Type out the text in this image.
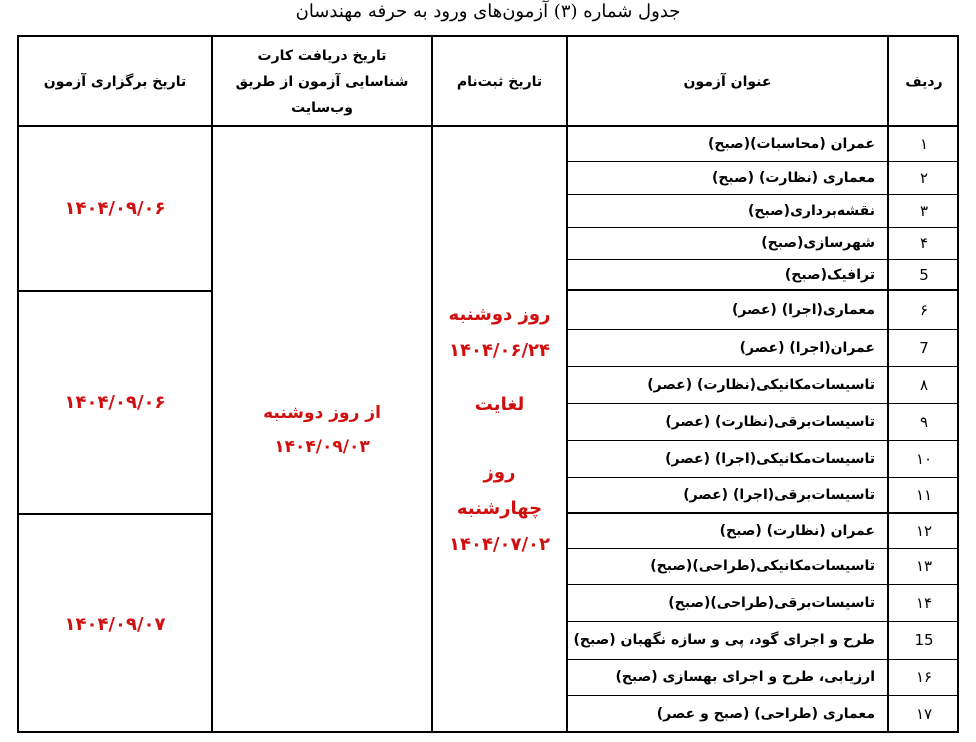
جدول شماره (۳) آزمون‌های ورود به حرفه مهندسان
ردیف
عنوان آزمون
تاریخ ثبت‌نام
تاریخ دریافت کارت شناسایی آزمون از طریق وب‌سایت
تاریخ برگزاری آزمون
۱
عمران (محاسبات)(صبح)
۲
معماری (نظارت) (صبح)
۳
نقشه‌برداری(صبح)
۴
شهرسازی(صبح)
5
ترافیک(صبح)
۶
معماری(اجرا) (عصر)
7
عمران(اجرا) (عصر)
۸
تاسیسات‌مکانیکی(نظارت) (عصر)
۹
تاسیسات‌برقی(نظارت) (عصر)
۱۰
تاسیسات‌مکانیکی(اجرا) (عصر)
۱۱
تاسیسات‌برقی(اجرا) (عصر)
۱۲
عمران (نظارت) (صبح)
۱۳
تاسیسات‌مکانیکی(طراحی)(صبح)
۱۴
تاسیسات‌برقی(طراحی)(صبح)
15
طرح و اجرای گود، پی و سازه نگهبان (صبح)
۱۶
ارزیابی، طرح و اجرای بهسازی (صبح)
۱۷
معماری (طراحی) (صبح و عصر)
روز دوشنبه
۱۴۰۴/۰۶/۲۴
لغایت
روز
چهارشنبه
۱۴۰۴/۰۷/۰۲
از روز دوشنبه
۱۴۰۴/۰۹/۰۳
۱۴۰۴/۰۹/۰۶
۱۴۰۴/۰۹/۰۶
۱۴۰۴/۰۹/۰۷
